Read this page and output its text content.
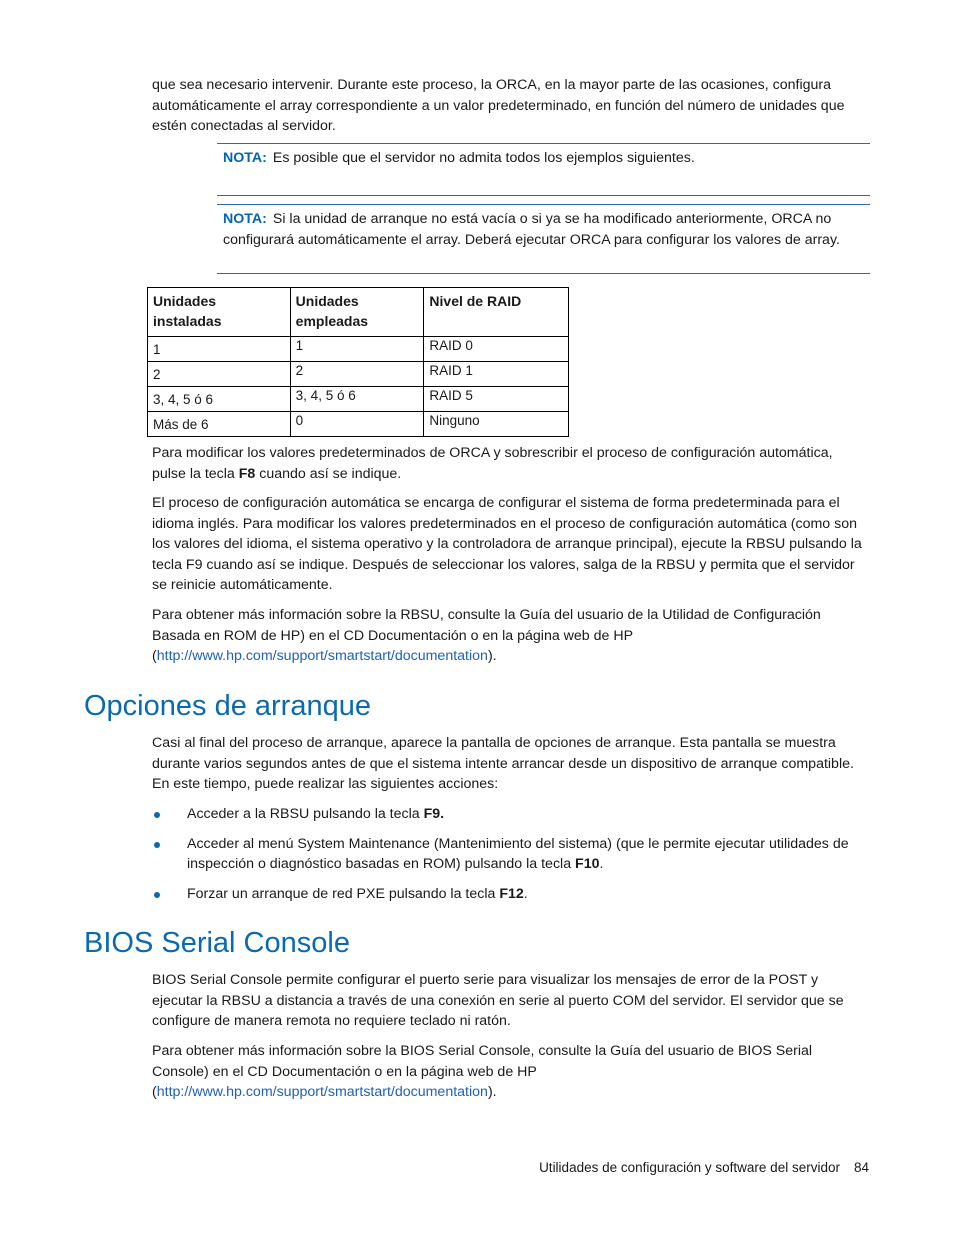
que sea necesario intervenir. Durante este proceso, la ORCA, en la mayor parte de las ocasiones, configura automáticamente el array correspondiente a un valor predeterminado, en función del número de unidades que estén conectadas al servidor.

NOTA: Es posible que el servidor no admita todos los ejemplos siguientes.

NOTA: Si la unidad de arranque no está vacía o si ya se ha modificado anteriormente, ORCA no configurará automáticamente el array. Deberá ejecutar ORCA para configurar los valores de array.

Unidades instaladas	Unidades empleadas	Nivel de RAID
1	1	RAID 0
2	2	RAID 1
3, 4, 5 ó 6	3, 4, 5 ó 6	RAID 5
Más de 6	0	Ninguno

Para modificar los valores predeterminados de ORCA y sobrescribir el proceso de configuración automática, pulse la tecla F8 cuando así se indique.

El proceso de configuración automática se encarga de configurar el sistema de forma predeterminada para el idioma inglés. Para modificar los valores predeterminados en el proceso de configuración automática (como son los valores del idioma, el sistema operativo y la controladora de arranque principal), ejecute la RBSU pulsando la tecla F9 cuando así se indique. Después de seleccionar los valores, salga de la RBSU y permita que el servidor se reinicie automáticamente.

Para obtener más información sobre la RBSU, consulte la Guía del usuario de la Utilidad de Configuración Basada en ROM de HP) en el CD Documentación o en la página web de HP (http://www.hp.com/support/smartstart/documentation).

Opciones de arranque

Casi al final del proceso de arranque, aparece la pantalla de opciones de arranque. Esta pantalla se muestra durante varios segundos antes de que el sistema intente arrancar desde un dispositivo de arranque compatible. En este tiempo, puede realizar las siguientes acciones:

Acceder a la RBSU pulsando la tecla F9.
Acceder al menú System Maintenance (Mantenimiento del sistema) (que le permite ejecutar utilidades de inspección o diagnóstico basadas en ROM) pulsando la tecla F10.
Forzar un arranque de red PXE pulsando la tecla F12.
BIOS Serial Console

BIOS Serial Console permite configurar el puerto serie para visualizar los mensajes de error de la POST y ejecutar la RBSU a distancia a través de una conexión en serie al puerto COM del servidor. El servidor que se configure de manera remota no requiere teclado ni ratón.

Para obtener más información sobre la BIOS Serial Console, consulte la Guía del usuario de BIOS Serial Console) en el CD Documentación o en la página web de HP (http://www.hp.com/support/smartstart/documentation).

Utilidades de configuración y software del servidor 84
